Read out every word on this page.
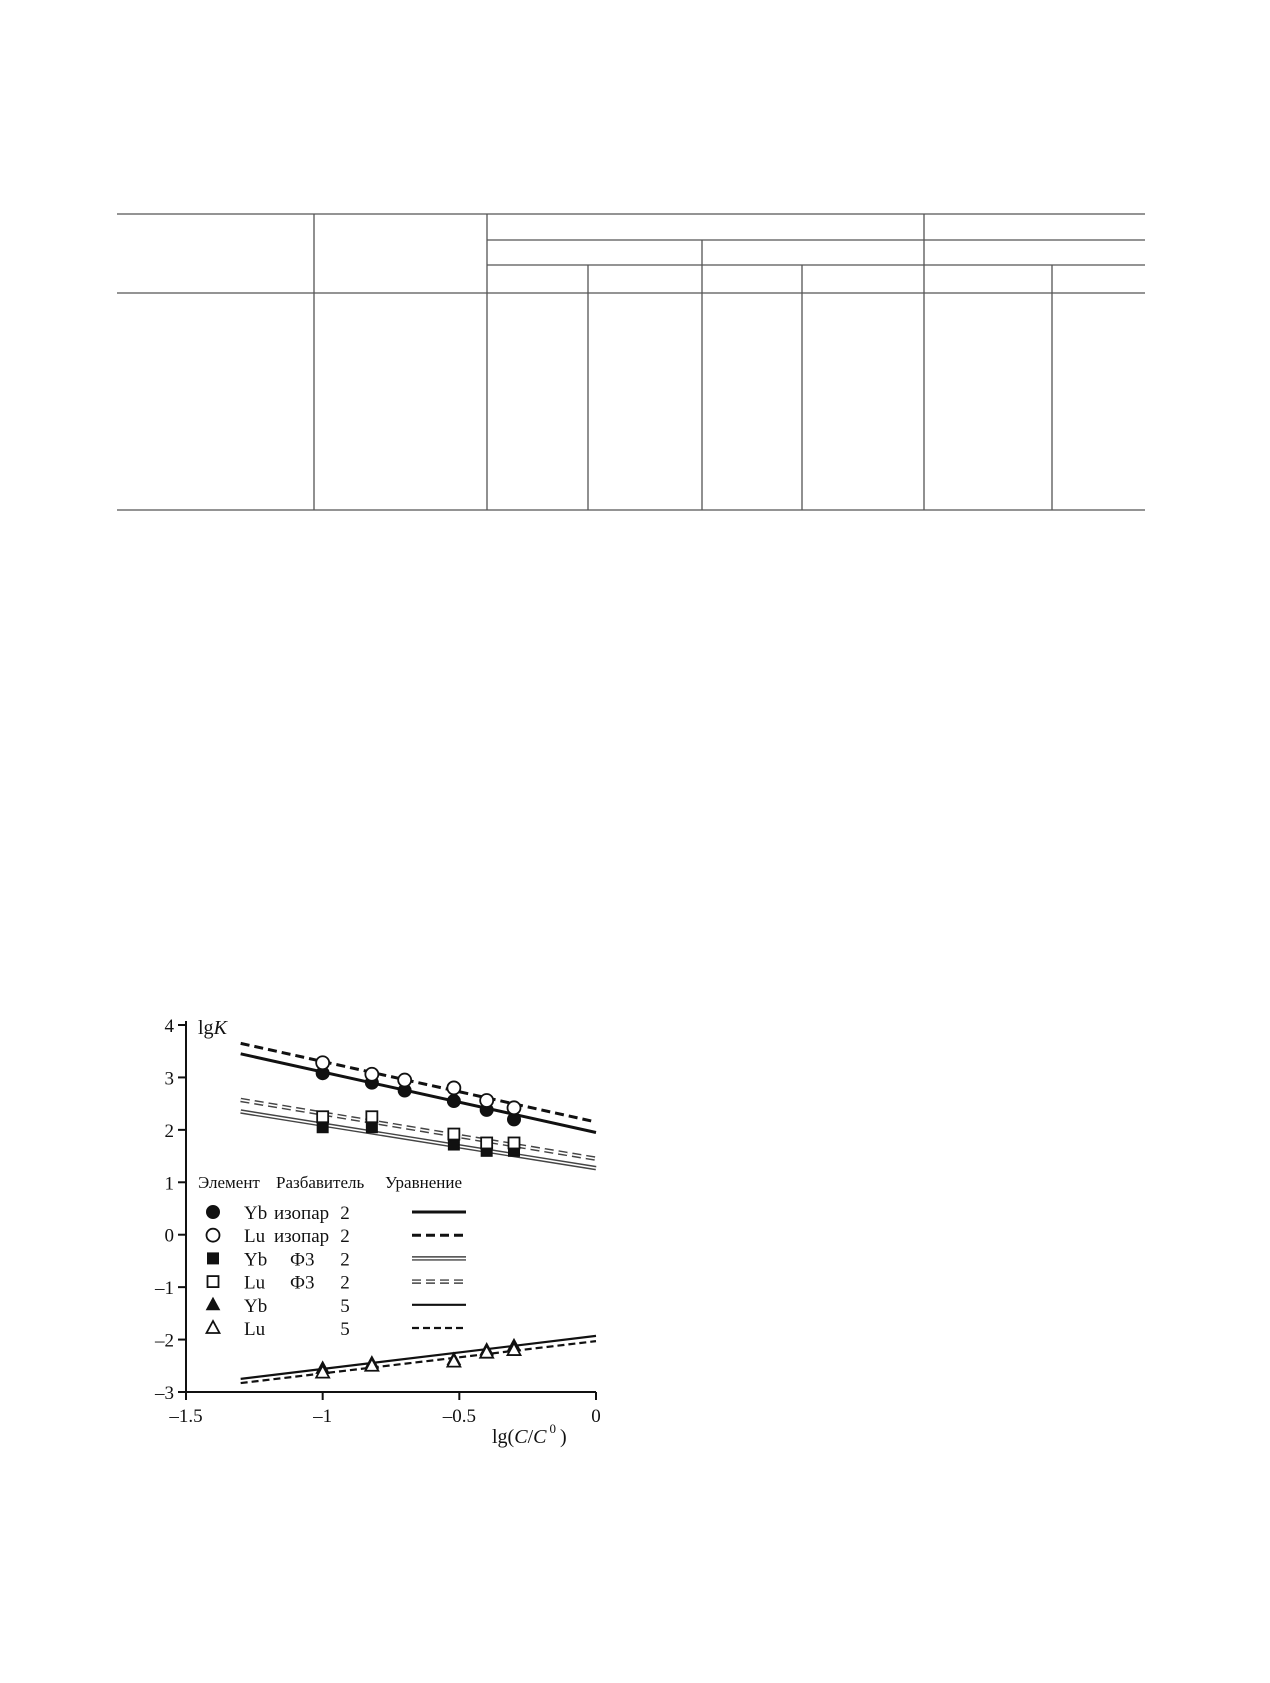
4
3
2
1
0
–1
–2
–3
–1.5	–1	–0.5	0
lgK
lg(C/C $^0$ )
Элемент Разбавитель Уравнение
Yb изопар 2
Lu изопар 2
Yb Ф3 2
Lu Ф3 2
Yb	5
Lu	5
